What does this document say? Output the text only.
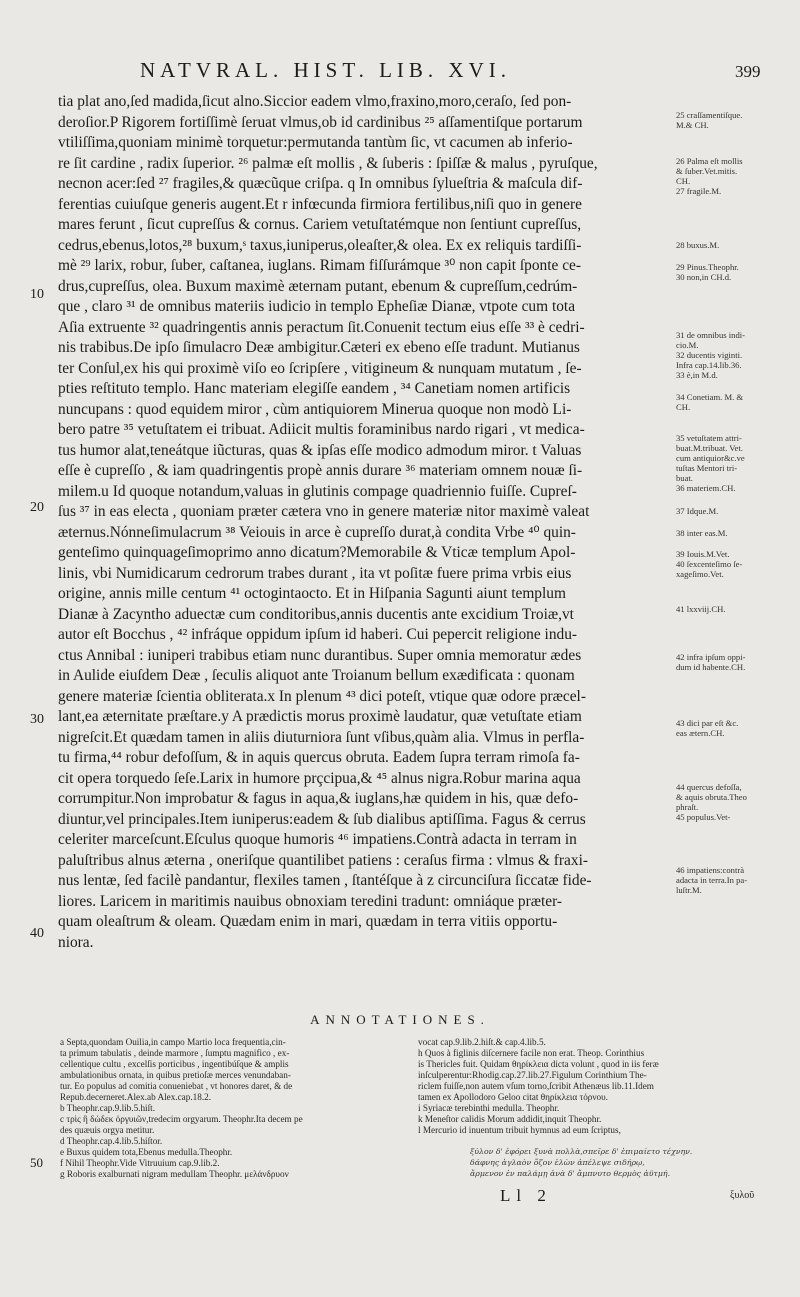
NATVRAL. HIST. LIB. XVI.	399
10
20
30
40
tia plat ano,ſed madida,ſicut alno.Siccior eadem vlmo,fraxino,moro,ceraſo, ſed pon-
deroſior.P Rigorem fortiſſimè ſeruat vlmus,ob id cardinibus ²⁵ aſſamentiſque portarum
vtiliſſima,quoniam minimè torquetur:permutanda tantùm ſic, vt cacumen ab inferio-
re ſit cardine , radix ſuperior. ²⁶ palmæ eſt mollis , & ſuberis : ſpiſſæ & malus , pyruſque,
necnon acer:ſed ²⁷ fragiles,& quæcũque criſpa. q In omnibus ſylueſtria & maſcula dif-
ferentias cuiuſque generis augent.Et r infœcunda firmiora fertilibus,niſi quo in genere
mares ferunt , ſicut cupreſſus & cornus. Cariem vetuſtatémque non ſentiunt cupreſſus,
cedrus,ebenus,lotos,²⁸ buxum,ˢ taxus,iuniperus,oleaſter,& olea. Ex ex reliquis tardiſſi-
mè ²⁹ larix, robur, ſuber, caſtanea, iuglans. Rimam fiſſurámque ³⁰ non capit ſponte ce-
drus,cupreſſus, olea. Buxum maximè æternam putant, ebenum & cupreſſum,cedrúm-
que , claro ³¹ de omnibus materiis iudicio in templo Epheſiæ Dianæ, vtpote cum tota
Aſia extruente ³² quadringentis annis peractum ſit.Conuenit tectum eius eſſe ³³ è cedri-
nis trabibus.De ipſo ſimulacro Deæ ambigitur.Cæteri ex ebeno eſſe tradunt. Mutianus
ter Conſul,ex his qui proximè viſo eo ſcripſere , vitigineum & nunquam mutatum , ſe-
pties reſtituto templo. Hanc materiam elegiſſe eandem , ³⁴ Canetiam nomen artificis
nuncupans : quod equidem miror , cùm antiquiorem Minerua quoque non modò Li-
bero patre ³⁵ vetuſtatem ei tribuat. Adiicit multis foraminibus nardo rigari , vt medica-
tus humor alat,teneátque iũcturas, quas & ipſas eſſe modico admodum miror. t Valuas
eſſe è cupreſſo , & iam quadringentis propè annis durare ³⁶ materiam omnem nouæ ſi-
milem.u Id quoque notandum,valuas in glutinis compage quadriennio fuiſſe. Cupreſ-
ſus ³⁷ in eas electa , quoniam præter cætera vno in genere materiæ nitor maximè valeat
æternus.Nónneſimulacrum ³⁸ Veiouis in arce è cupreſſo durat,à condita Vrbe ⁴⁰ quin-
genteſimo quinquageſimoprimo anno dicatum?Memorabile & Vticæ templum Apol-
linis, vbi Numidicarum cedrorum trabes durant , ita vt poſitæ fuere prima vrbis eius
origine, annis mille centum ⁴¹ octogintaocto. Et in Hiſpania Sagunti aiunt templum
Dianæ à Zacyntho aduectæ cum conditoribus,annis ducentis ante excidium Troiæ,vt
autor eſt Bocchus , ⁴² infráque oppidum ipſum id haberi. Cui pepercit religione indu-
ctus Annibal : iuniperi trabibus etiam nunc durantibus. Super omnia memoratur ædes
in Aulide eiuſdem Deæ , ſeculis aliquot ante Troianum bellum exædificata : quonam
genere materiæ ſcientia obliterata.x In plenum ⁴³ dici poteſt, vtique quæ odore præcel-
lant,ea æternitate præſtare.y A prædictis morus proximè laudatur, quæ vetuſtate etiam
nigreſcit.Et quædam tamen in aliis diuturniora ſunt vſibus,quàm alia. Vlmus in perfla-
tu firma,⁴⁴ robur defoſſum, & in aquis quercus obruta. Eadem ſupra terram rimoſa fa-
cit opera torquedo ſeſe.Larix in humore prçcipua,& ⁴⁵ alnus nigra.Robur marina aqua
corrumpitur.Non improbatur & fagus in aqua,& iuglans,hæ quidem in his, quæ defo-
diuntur,vel principales.Item iuniperus:eadem & ſub dialibus aptiſſima. Fagus & cerrus
celeriter marceſcunt.Eſculus quoque humoris ⁴⁶ impatiens.Contrà adacta in terram in
paluſtribus alnus æterna , oneriſque quantilibet patiens : ceraſus firma : vlmus & fraxi-
nus lentæ, ſed facilè pandantur, flexiles tamen , ſtantéſque à z circunciſura ſiccatæ fide-
liores. Laricem in maritimis nauibus obnoxiam teredini tradunt: omniáque præter-
quam oleaſtrum & oleam. Quædam enim in mari, quædam in terra vitiis opportu-
niora.
25 craſſamentiſque.
M.& CH.
26 Palma eſt mollis
& ſuber.Vet.mitis.
CH.
27 fragile.M.
28 buxus.M.
29 Pinus.Theophr.
30 non,in CH.d.
31 de omnibus indi-
cio.M.
32 ducentis viginti.
Infra cap.14.lib.36.
33 è,in M.d.
34 Conetiam. M. &
CH.
35 vetuſtatem attri-
buat.M.tribuat. Vet.
cum antiquior&c.ve
tuſtas Mentori tri-
buat.
36 materiem.CH.
37 Idque.M.
38 inter eas.M.
39 Iouis.M.Vet.
40 ſexcenteſimo ſe-
xageſimo.Vet.
41 lxxviij.CH.
42 infra ipſum oppi-
dum id habente.CH.
43 dici par eſt &c.
eas ætern.CH.
44 quercus defoſſa,
& aquis obruta.Theo
phraſt.
45 populus.Vet-
46 impatiens:contrà
adacta in terra.In pa-
luſtr.M.
ANNOTATIONES.
a Septa,quondam Ouilia,in campo Martio loca frequentia,cin-
ta primum tabulatis , deinde marmore , ſumptu magnifico , ex-
cellentique cultu , excelſis porticibus , ingentibúſque & amplis
ambulationibus ornata, in quibus pretioſæ merces venundaban-
tur. Eo populus ad comitia conueniebat , vt honores daret, & de
Repub.decerneret.Alex.ab Alex.cap.18.2.
b Theophr.cap.9.lib.5.hiſt.
c τρὶς ἢ δώδεκ ὀργυιῶν,tredecim orgyarum. Theophr.Ita decem pe
des quæuis orgya metitur.
d Theophr.cap.4.lib.5.hiſtor.
e Buxus quidem tota,Ebenus medulla.Theophr.
f Nihil Theophr.Vide Vitruuium cap.9.lib.2.
g Roboris exalburnati nigram medullam Theophr. μελάνδρυον
vocat cap.9.lib.2.hiſt.& cap.4.lib.5.
h Quos à figlinis diſcernere facile non erat. Theop. Corinthius
is Thericles fuit. Quidam θηρίκλεια dicta volunt , quod in iis feræ
inſculperentur:Rhodig.cap.27.lib.27.Figulum Corinthium The-
riclem fuiſſe,non autem vſum torno,ſcribit Athenæus lib.11.Idem
tamen ex Apollodoro Geloo citat θηρίκλεια τόρνου.
i Syriacæ terebinthi medulla. Theophr.
k Meneſtor calidis Morum addidit,inquit Theophr.
l Mercurio id inuentum tribuit hymnus ad eum ſcriptus,
50
ξύλον δ' ἐφόρει ξυνὰ πολλὰ,σπεῖρε δ' ἐπιμαίετο τέχνην.
δάφνης ἀγλαὸν ὄζον ἑλὼν ἀπέλεψε σιδήρῳ,
ἄρμενον ἐν παλάμῃ ἀνὰ δ' ἄμπνυτο θερμὸς ἀϋτμή.
Ll 2	ξυλοῦ
